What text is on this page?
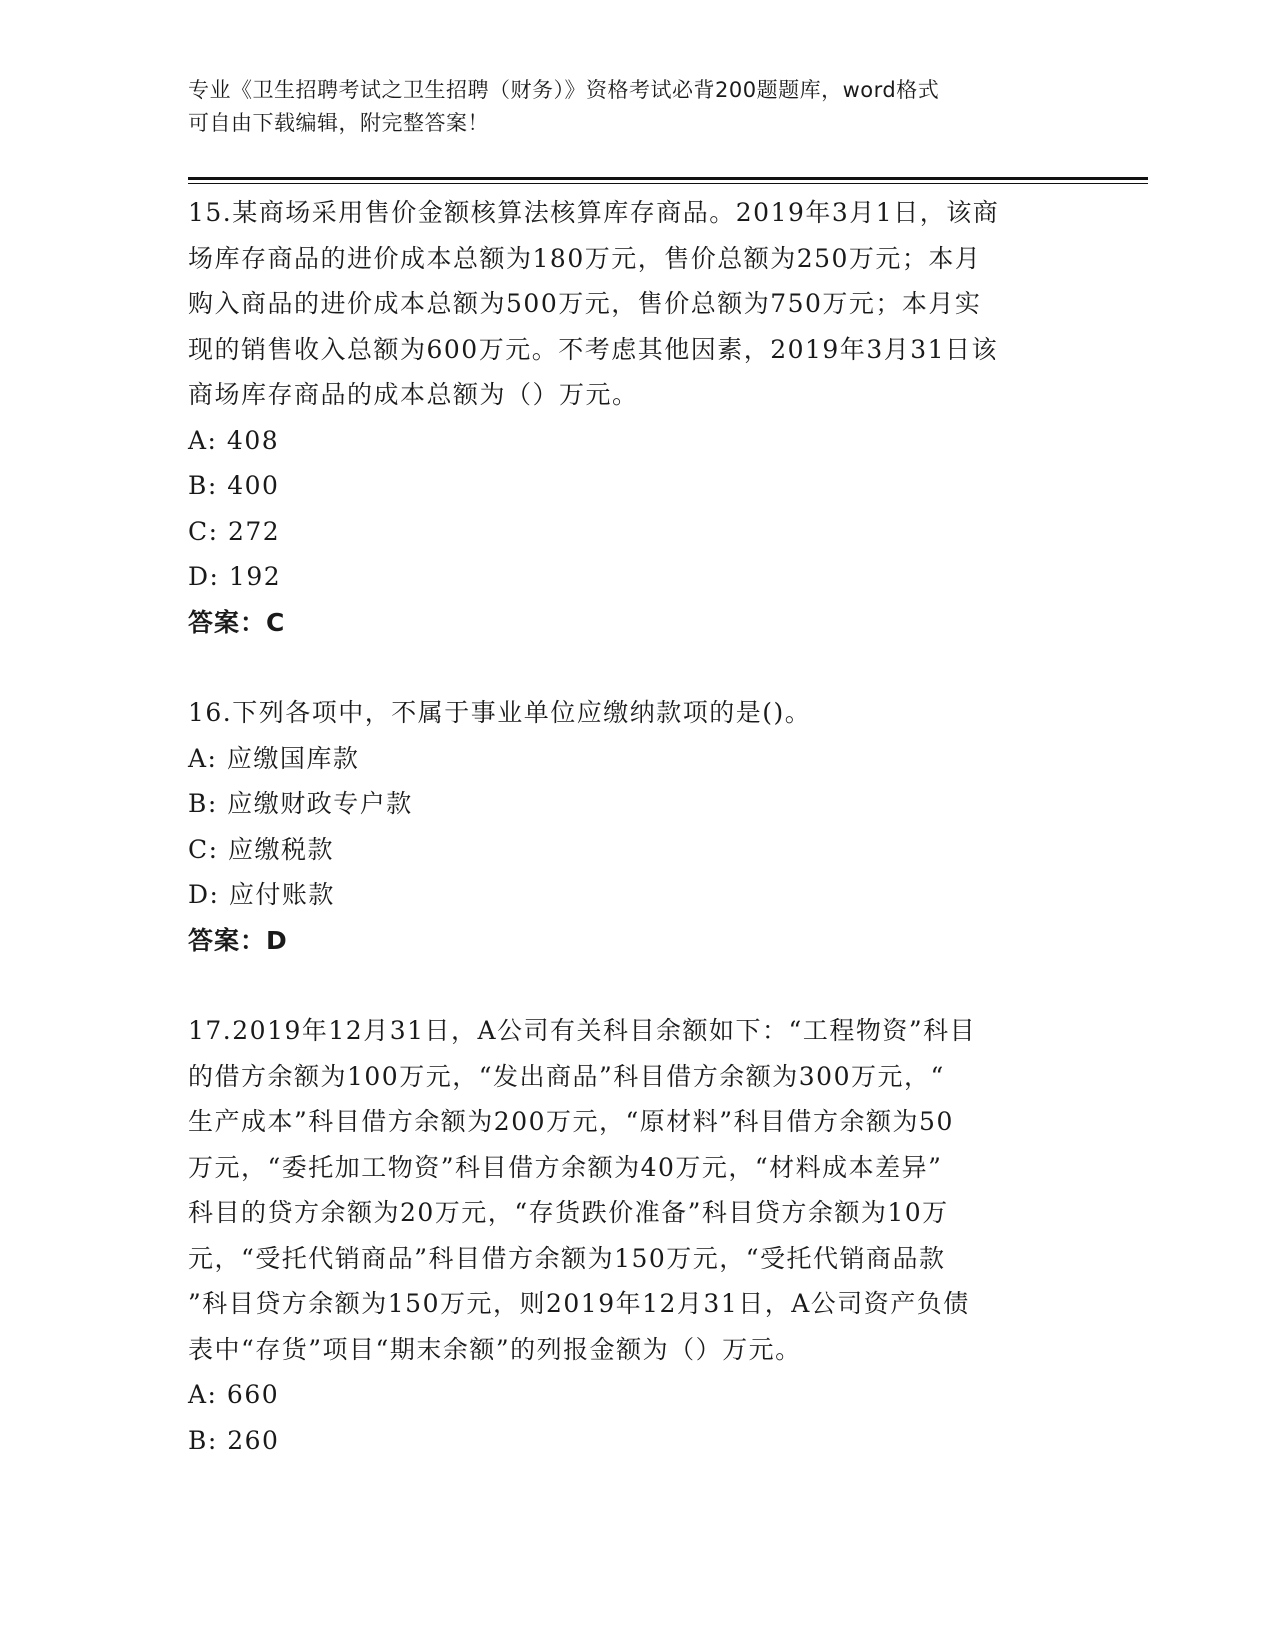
专业《卫生招聘考试之卫生招聘（财务）》资格考试必背200题题库，word格式
可自由下载编辑，附完整答案！

15.某商场采用售价金额核算法核算库存商品。2019年3月1日，该商

场库存商品的进价成本总额为180万元，售价总额为250万元；本月

购入商品的进价成本总额为500万元，售价总额为750万元；本月实

现的销售收入总额为600万元。不考虑其他因素，2019年3月31日该

商场库存商品的成本总额为（）万元。

A: 408

B: 400

C: 272

D: 192

答案：C

16.下列各项中，不属于事业单位应缴纳款项的是()。

A: 应缴国库款

B: 应缴财政专户款

C: 应缴税款

D: 应付账款

答案：D

17.2019年12月31日，A公司有关科目余额如下：“工程物资”科目

的借方余额为100万元，“发出商品”科目借方余额为300万元，“

生产成本”科目借方余额为200万元，“原材料”科目借方余额为50

万元，“委托加工物资”科目借方余额为40万元，“材料成本差异”

科目的贷方余额为20万元，“存货跌价准备”科目贷方余额为10万

元，“受托代销商品”科目借方余额为150万元，“受托代销商品款

”科目贷方余额为150万元，则2019年12月31日，A公司资产负债

表中“存货”项目“期末余额”的列报金额为（）万元。

A: 660

B: 260
